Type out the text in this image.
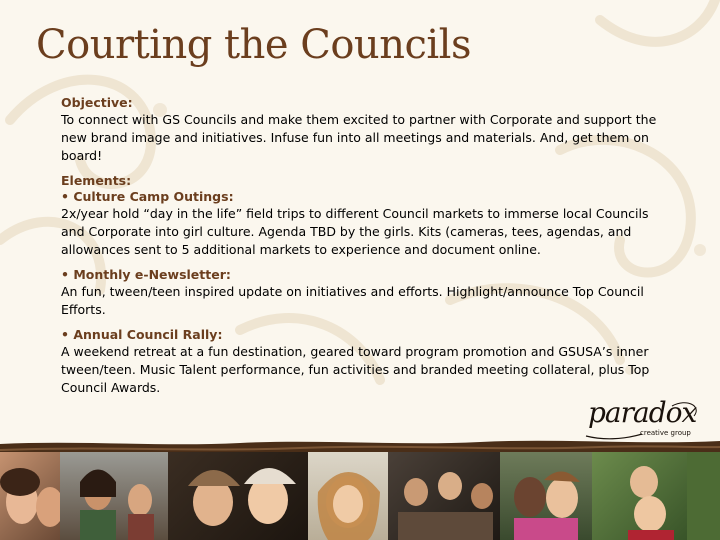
Courting the Councils
Objective:
To connect with GS Councils and make them excited to partner with Corporate and support the new brand image and initiatives. Infuse fun into all meetings and materials. And, get them on board!
Elements:
• Culture Camp Outings:
2x/year hold “day in the life” field trips to different Council markets to immerse local Councils and Corporate into girl culture. Agenda TBD by the girls. Kits (cameras, tees, agendas, and allowances sent to 5 additional markets to experience and document online.
• Monthly e-Newsletter:
An fun, tween/teen inspired update on initiatives and efforts. Highlight/announce Top Council Efforts.
• Annual Council Rally:
A weekend retreat at a fun destination, geared toward program promotion and GSUSA’s inner tween/teen. Music Talent performance, fun activities and branded meeting collateral, plus Top Council Awards.
paradox
creative group
